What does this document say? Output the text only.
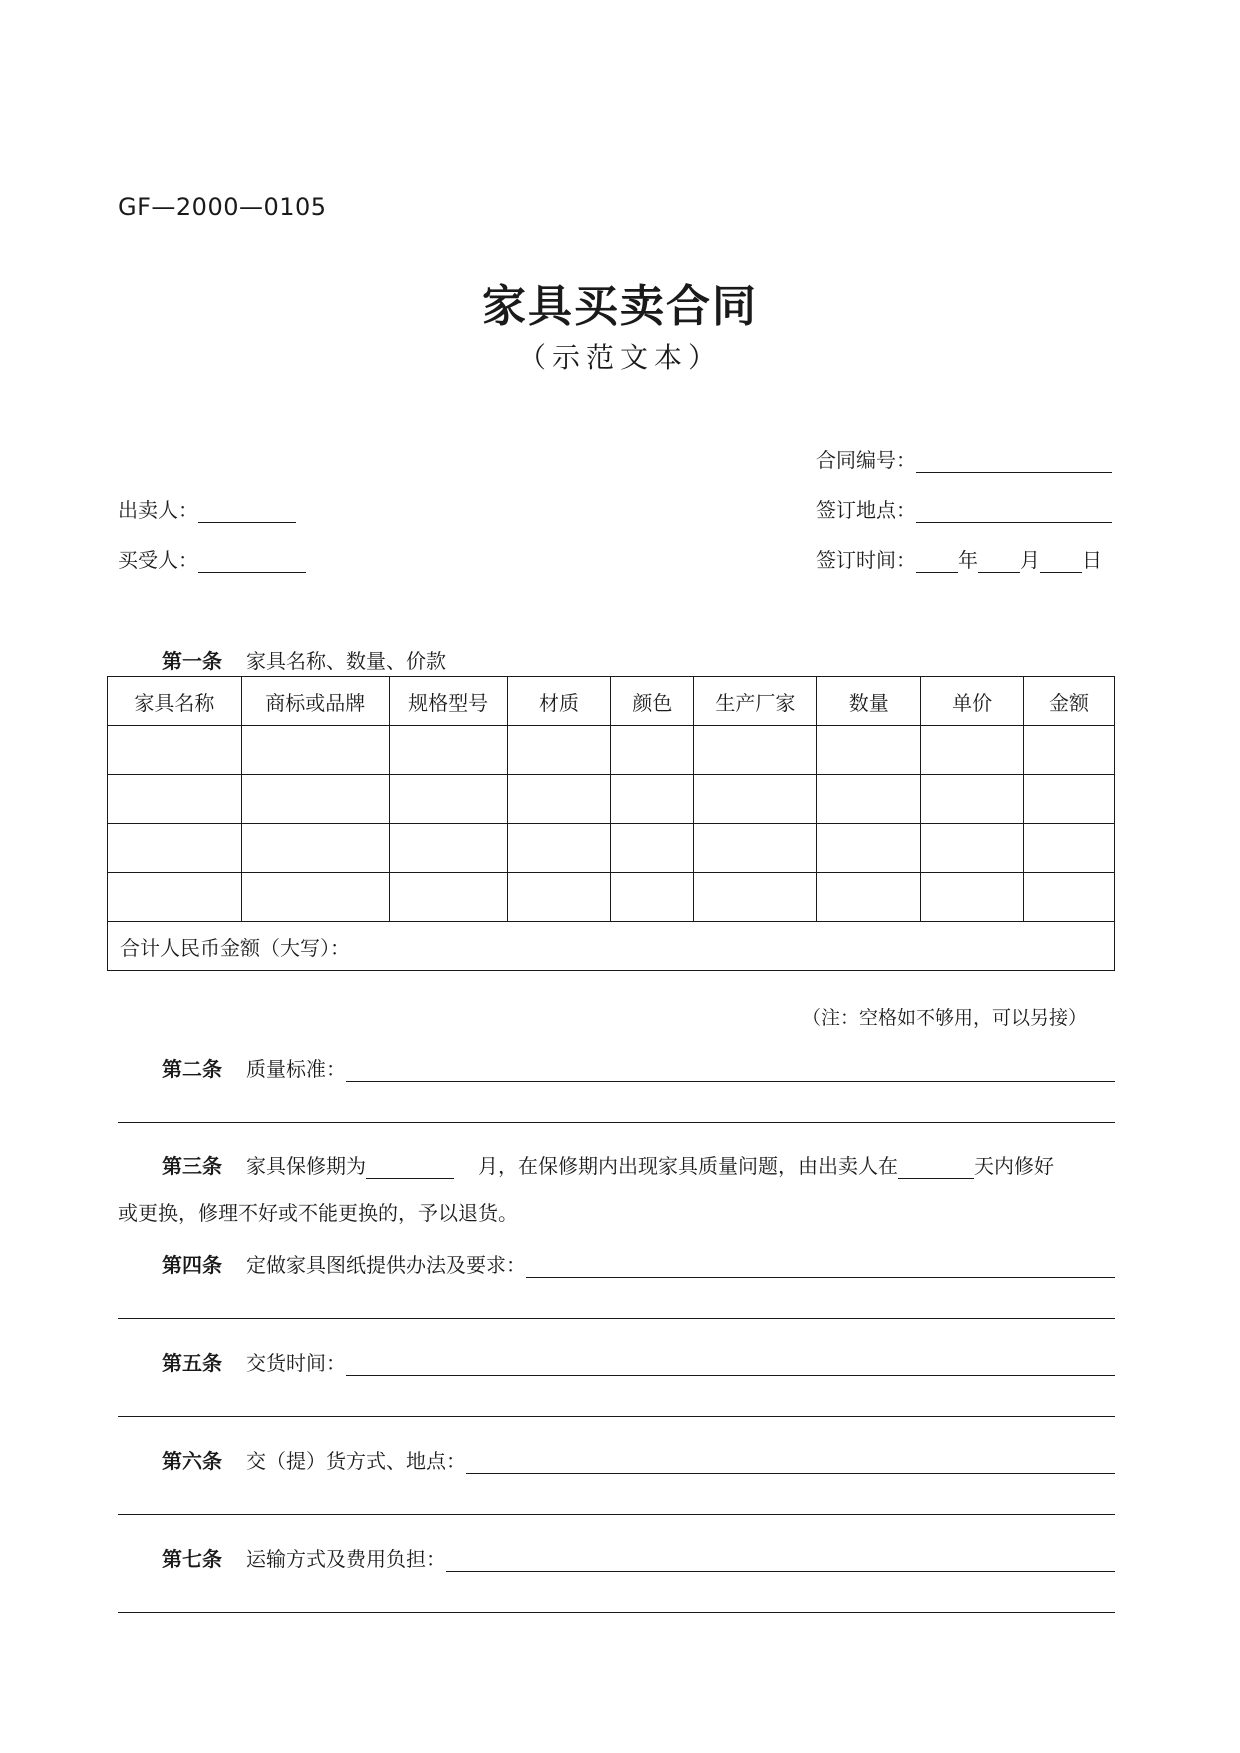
GF—2000—0105
家具买卖合同
（示范文本）
合同编号：
签订地点：
签订时间： 年 月 日
出卖人：
买受人：
第一条 家具名称、数量、价款
家具名称	商标或品牌	规格型号	材质	颜色	生产厂家	数量	单价	金额

合计人民币金额（大写）：								
（注：空格如不够用，可以另接）
第二条 质量标准：
第三条 家具保修期为	月，在保修期内出现家具质量问题，由出卖人在	天内修好
或更换，修理不好或不能更换的，予以退货。
第四条 定做家具图纸提供办法及要求：
第五条 交货时间：
第六条 交（提）货方式、地点：
第七条 运输方式及费用负担：
